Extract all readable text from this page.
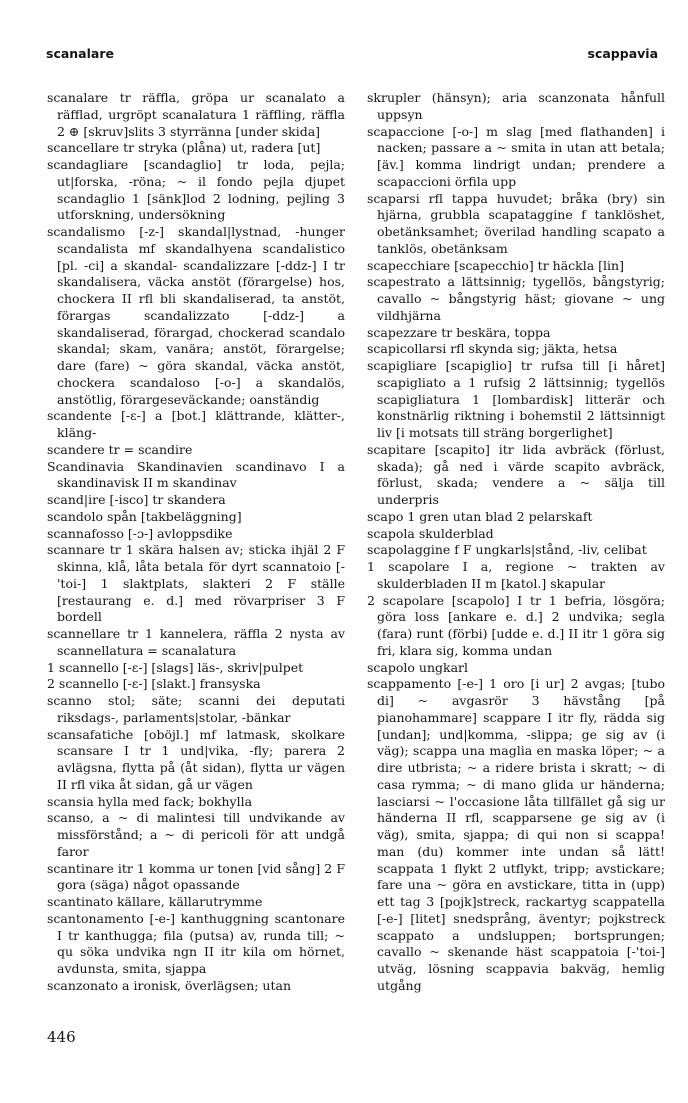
scanalare	scappavia

scanalare tr räffla, gröpa ur scanalato a räfflad, urgröpt scanalatura 1 räffling, räffla 2 ⊕ [skruv]slits 3 styrränna [under skida]

scancellare tr stryka (plåna) ut, radera [ut]

scandagliare [scandaglio] tr loda, pejla; ut|forska, -röna; ~ il fondo pejla djupet scandaglio 1 [sänk]lod 2 lodning, pejling 3 utforskning, undersökning

scandalismo [-z-] skandal|lystnad, -hunger scandalista mf skandalhyena scandalistico [pl. -ci] a skandal- scandalizzare [-ddz-] I tr skandalisera, väcka anstöt (förargelse) hos, chockera II rfl bli skandaliserad, ta anstöt, förargas scandalizzato [-ddz-] a skandaliserad, förargad, chockerad scandalo skandal; skam, vanära; anstöt, förargelse; dare (fare) ~ göra skandal, väcka anstöt, chockera scandaloso [-o-] a skandalös, anstötlig, förargeseväckande; oanständig

scandente [-ɛ-] a [bot.] klättrande, klätter-, kläng-

scandere tr = scandire

Scandinavia Skandinavien scandinavo I a skandinavisk II m skandinav

scand|ire [-isco] tr skandera

scandolo spån [takbeläggning]

scannafosso [-ɔ-] avloppsdike

scannare tr 1 skära halsen av; sticka ihjäl 2 F skinna, klå, låta betala för dyrt scannatoio [-'toi-] 1 slaktplats, slakteri 2 F ställe [restaurang e. d.] med rövarpriser 3 F bordell

scannellare tr 1 kannelera, räffla 2 nysta av scannellatura = scanalatura

1 scannello [-ɛ-] [slags] läs-, skriv|pulpet

2 scannello [-ɛ-] [slakt.] fransyska

scanno stol; säte; scanni dei deputati riksdags-, parlaments|stolar, -bänkar

scansafatiche [oböjl.] mf latmask, skolkare scansare I tr 1 und|vika, -fly; parera 2 avlägsna, flytta på (åt sidan), flytta ur vägen II rfl vika åt sidan, gå ur vägen

scansia hylla med fack; bokhylla

scanso, a ~ di malintesi till undvikande av missförstånd; a ~ di pericoli för att undgå faror

scantinare itr 1 komma ur tonen [vid sång] 2 F gora (säga) något opassande

scantinato källare, källarutrymme

scantonamento [-e-] kanthuggning scantonare I tr kanthugga; fila (putsa) av, runda till; ~ qu söka undvika ngn II itr kila om hörnet, avdunsta, smita, sjappa

scanzonato a ironisk, överlägsen; utan

skrupler (hänsyn); aria scanzonata hånfull uppsyn

scapaccione [-o-] m slag [med flathanden] i nacken; passare a ~ smita in utan att betala; [äv.] komma lindrigt undan; prendere a scapaccioni örfila upp

scaparsi rfl tappa huvudet; bråka (bry) sin hjärna, grubbla scapataggine f tanklöshet, obetänksamhet; överilad handling scapato a tanklös, obetänksam

scapecchiare [scapecchio] tr häckla [lin]

scapestrato a lättsinnig; tygellös, bångstyrig; cavallo ~ bångstyrig häst; giovane ~ ung vildhjärna

scapezzare tr beskära, toppa

scapicollarsi rfl skynda sig; jäkta, hetsa

scapigliare [scapiglio] tr rufsa till [i håret] scapigliato a 1 rufsig 2 lättsinnig; tygellös scapigliatura 1 [lombardisk] litterär och konstnärlig riktning i bohemstil 2 lättsinnigt liv [i motsats till sträng borgerlighet]

scapitare [scapito] itr lida avbräck (förlust, skada); gå ned i värde scapito avbräck, förlust, skada; vendere a ~ sälja till underpris

scapo 1 gren utan blad 2 pelarskaft

scapola skulderblad

scapolaggine f F ungkarls|stånd, -liv, celibat

1 scapolare I a, regione ~ trakten av skulderbladen II m [katol.] skapular

2 scapolare [scapolo] I tr 1 befria, lösgöra; göra loss [ankare e. d.] 2 undvika; segla (fara) runt (förbi) [udde e. d.] II itr 1 göra sig fri, klara sig, komma undan

scapolo ungkarl

scappamento [-e-] 1 oro [i ur] 2 avgas; [tubo di] ~ avgasrör 3 hävstång [på pianohammare] scappare I itr fly, rädda sig [undan]; und|komma, -slippa; ge sig av (i väg); scappa una maglia en maska löper; ~ a dire utbrista; ~ a ridere brista i skratt; ~ di casa rymma; ~ di mano glida ur händerna; lasciarsi ~ l'occasione låta tillfället gå sig ur händerna II rfl, scapparsene ge sig av (i väg), smita, sjappa; di qui non si scappa! man (du) kommer inte undan så lätt! scappata 1 flykt 2 utflykt, tripp; avstickare; fare una ~ göra en avstickare, titta in (upp) ett tag 3 [pojk]streck, rackartyg scappatella [-e-] [litet] snedsprång, äventyr; pojkstreck scappato a undsluppen; bortsprungen; cavallo ~ skenande häst scappatoia [-'toi-] utväg, lösning scappavia bakväg, hemlig utgång

446
